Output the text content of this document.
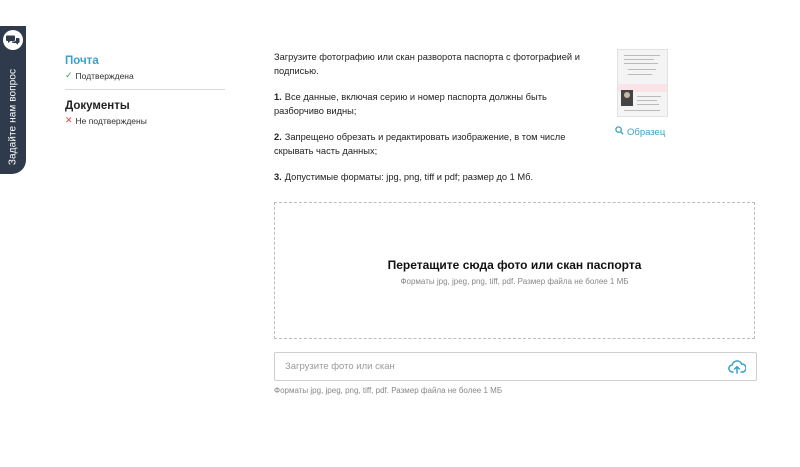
Задайте нам вопрос
Почта
✓ Подтверждена
Документы
✕ Не подтверждены

Загрузите фотографию или скан разворота паспорта с фотографией и подписью.

1. Все данные, включая серию и номер паспорта должны быть разборчиво видны;

2. Запрещено обрезать и редактировать изображение, в том числе скрывать часть данных;

3. Допустимые форматы: jpg, png, tiff и pdf; размер до 1 Мб.

Образец
Перетащите сюда фото или скан паспорта
Форматы jpg, jpeg, png, tiff, pdf. Размер файла не более 1 МБ
Загрузите фото или скан
Форматы jpg, jpeg, png, tiff, pdf. Размер файла не более 1 МБ
